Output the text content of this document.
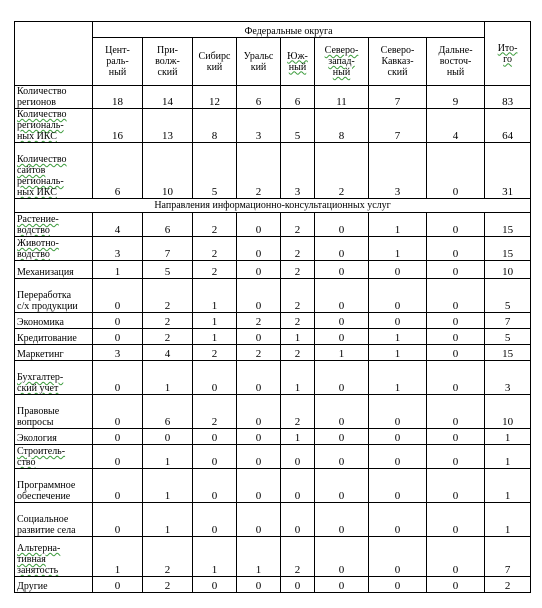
	Федеральные округа								Ито-
го
	Цент-
раль-
ный	При-
волж-
ский	Сибирс
кий	Уральс
кий	Юж-
ный	Северо-
запад-
ный	Северо-
Кавказ-
ский	Дальне-
восточ-
ный	
Количество
регионов	18	14	12	6	6	11	7	9	83
Количество
региональ-
ных ИКС	16	13	8	3	5	8	7	4	64
Количество
сайтов
региональ-
ных ИКС	6	10	5	2	3	2	3	0	31
Направления информационно-консультационных услуг									
Растение-
водство	4	6	2	0	2	0	1	0	15
Животно-
водство	3	7	2	0	2	0	1	0	15
Механизация	1	5	2	0	2	0	0	0	10
Переработка
с/х продукции	0	2	1	0	2	0	0	0	5
Экономика	0	2	1	2	2	0	0	0	7
Кредитование	0	2	1	0	1	0	1	0	5
Маркетинг	3	4	2	2	2	1	1	0	15
Бухгалтер-
ский учет	0	1	0	0	1	0	1	0	3
Правовые
вопросы	0	6	2	0	2	0	0	0	10
Экология	0	0	0	0	1	0	0	0	1
Строитель-
ство	0	1	0	0	0	0	0	0	1
Программное
обеспечение	0	1	0	0	0	0	0	0	1
Социальное
развитие села	0	1	0	0	0	0	0	0	1
Альтерна-
тивная
занятость	1	2	1	1	2	0	0	0	7
Другие	0	2	0	0	0	0	0	0	2
